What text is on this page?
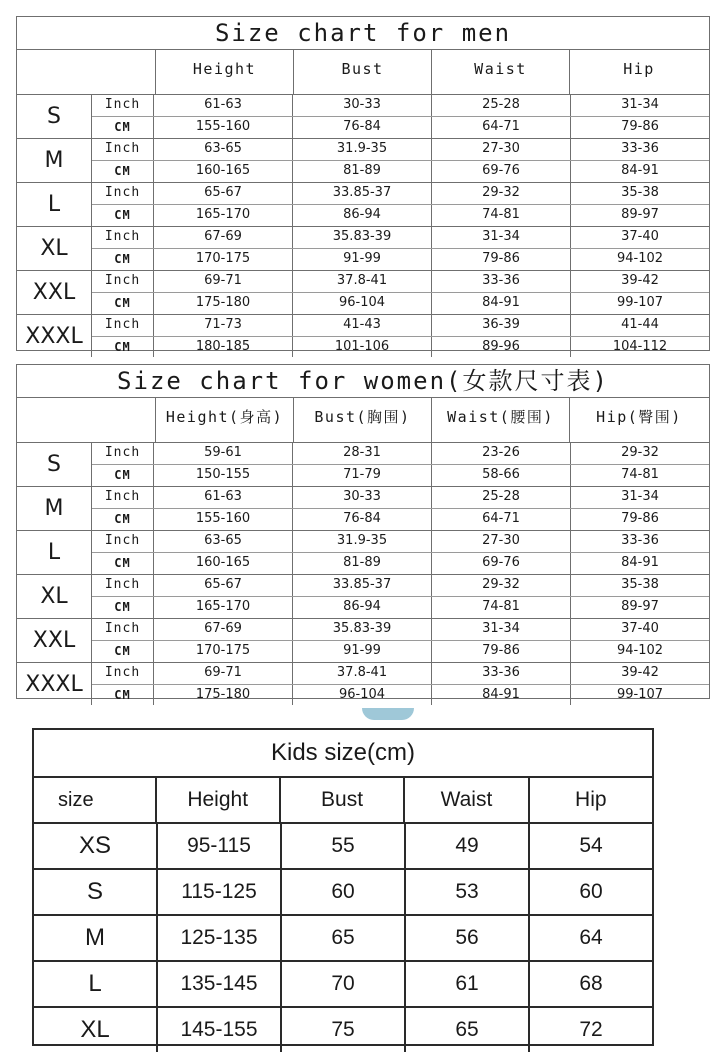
Size chart for men
Height	Bust	Waist	Hip
S	Inch	61-63	30-33	25-28	31-34
CM	155-160	76-84	64-71	79-86
M	Inch	63-65	31.9-35	27-30	33-36
CM	160-165	81-89	69-76	84-91
L	Inch	65-67	33.85-37	29-32	35-38
CM	165-170	86-94	74-81	89-97
XL	Inch	67-69	35.83-39	31-34	37-40
CM	170-175	91-99	79-86	94-102
XXL	Inch	69-71	37.8-41	33-36	39-42
CM	175-180	96-104	84-91	99-107
XXXL	Inch	71-73	41-43	36-39	41-44
CM	180-185	101-106	89-96	104-112
Size chart for women(女款尺寸表)
Height(身高)	Bust(胸围)	Waist(腰围)	Hip(臀围)
S	Inch	59-61	28-31	23-26	29-32
CM	150-155	71-79	58-66	74-81
M	Inch	61-63	30-33	25-28	31-34
CM	155-160	76-84	64-71	79-86
L	Inch	63-65	31.9-35	27-30	33-36
CM	160-165	81-89	69-76	84-91
XL	Inch	65-67	33.85-37	29-32	35-38
CM	165-170	86-94	74-81	89-97
XXL	Inch	67-69	35.83-39	31-34	37-40
CM	170-175	91-99	79-86	94-102
XXXL	Inch	69-71	37.8-41	33-36	39-42
CM	175-180	96-104	84-91	99-107
Kids size(cm)
size	Height	Bust	Waist	Hip
XS	95-115	55	49	54
S	115-125	60	53	60
M	125-135	65	56	64
L	135-145	70	61	68
XL	145-155	75	65	72
